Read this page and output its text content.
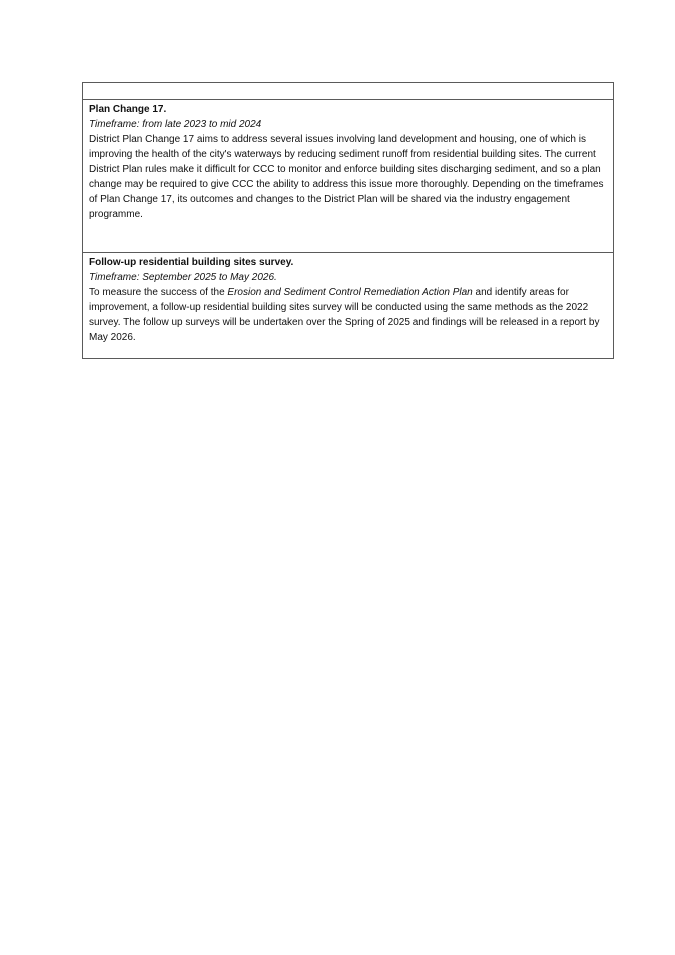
Plan Change 17.
Timeframe: from late 2023 to mid 2024
District Plan Change 17 aims to address several issues involving land development and housing, one of which is improving the health of the city's waterways by reducing sediment runoff from residential building sites. The current District Plan rules make it difficult for CCC to monitor and enforce building sites discharging sediment, and so a plan change may be required to give CCC the ability to address this issue more thoroughly. Depending on the timeframes of Plan Change 17, its outcomes and changes to the District Plan will be shared via the industry engagement programme.

Follow-up residential building sites survey.
Timeframe: September 2025 to May 2026.
To measure the success of the Erosion and Sediment Control Remediation Action Plan and identify areas for improvement, a follow-up residential building sites survey will be conducted using the same methods as the 2022 survey. The follow up surveys will be undertaken over the Spring of 2025 and findings will be released in a report by May 2026.
